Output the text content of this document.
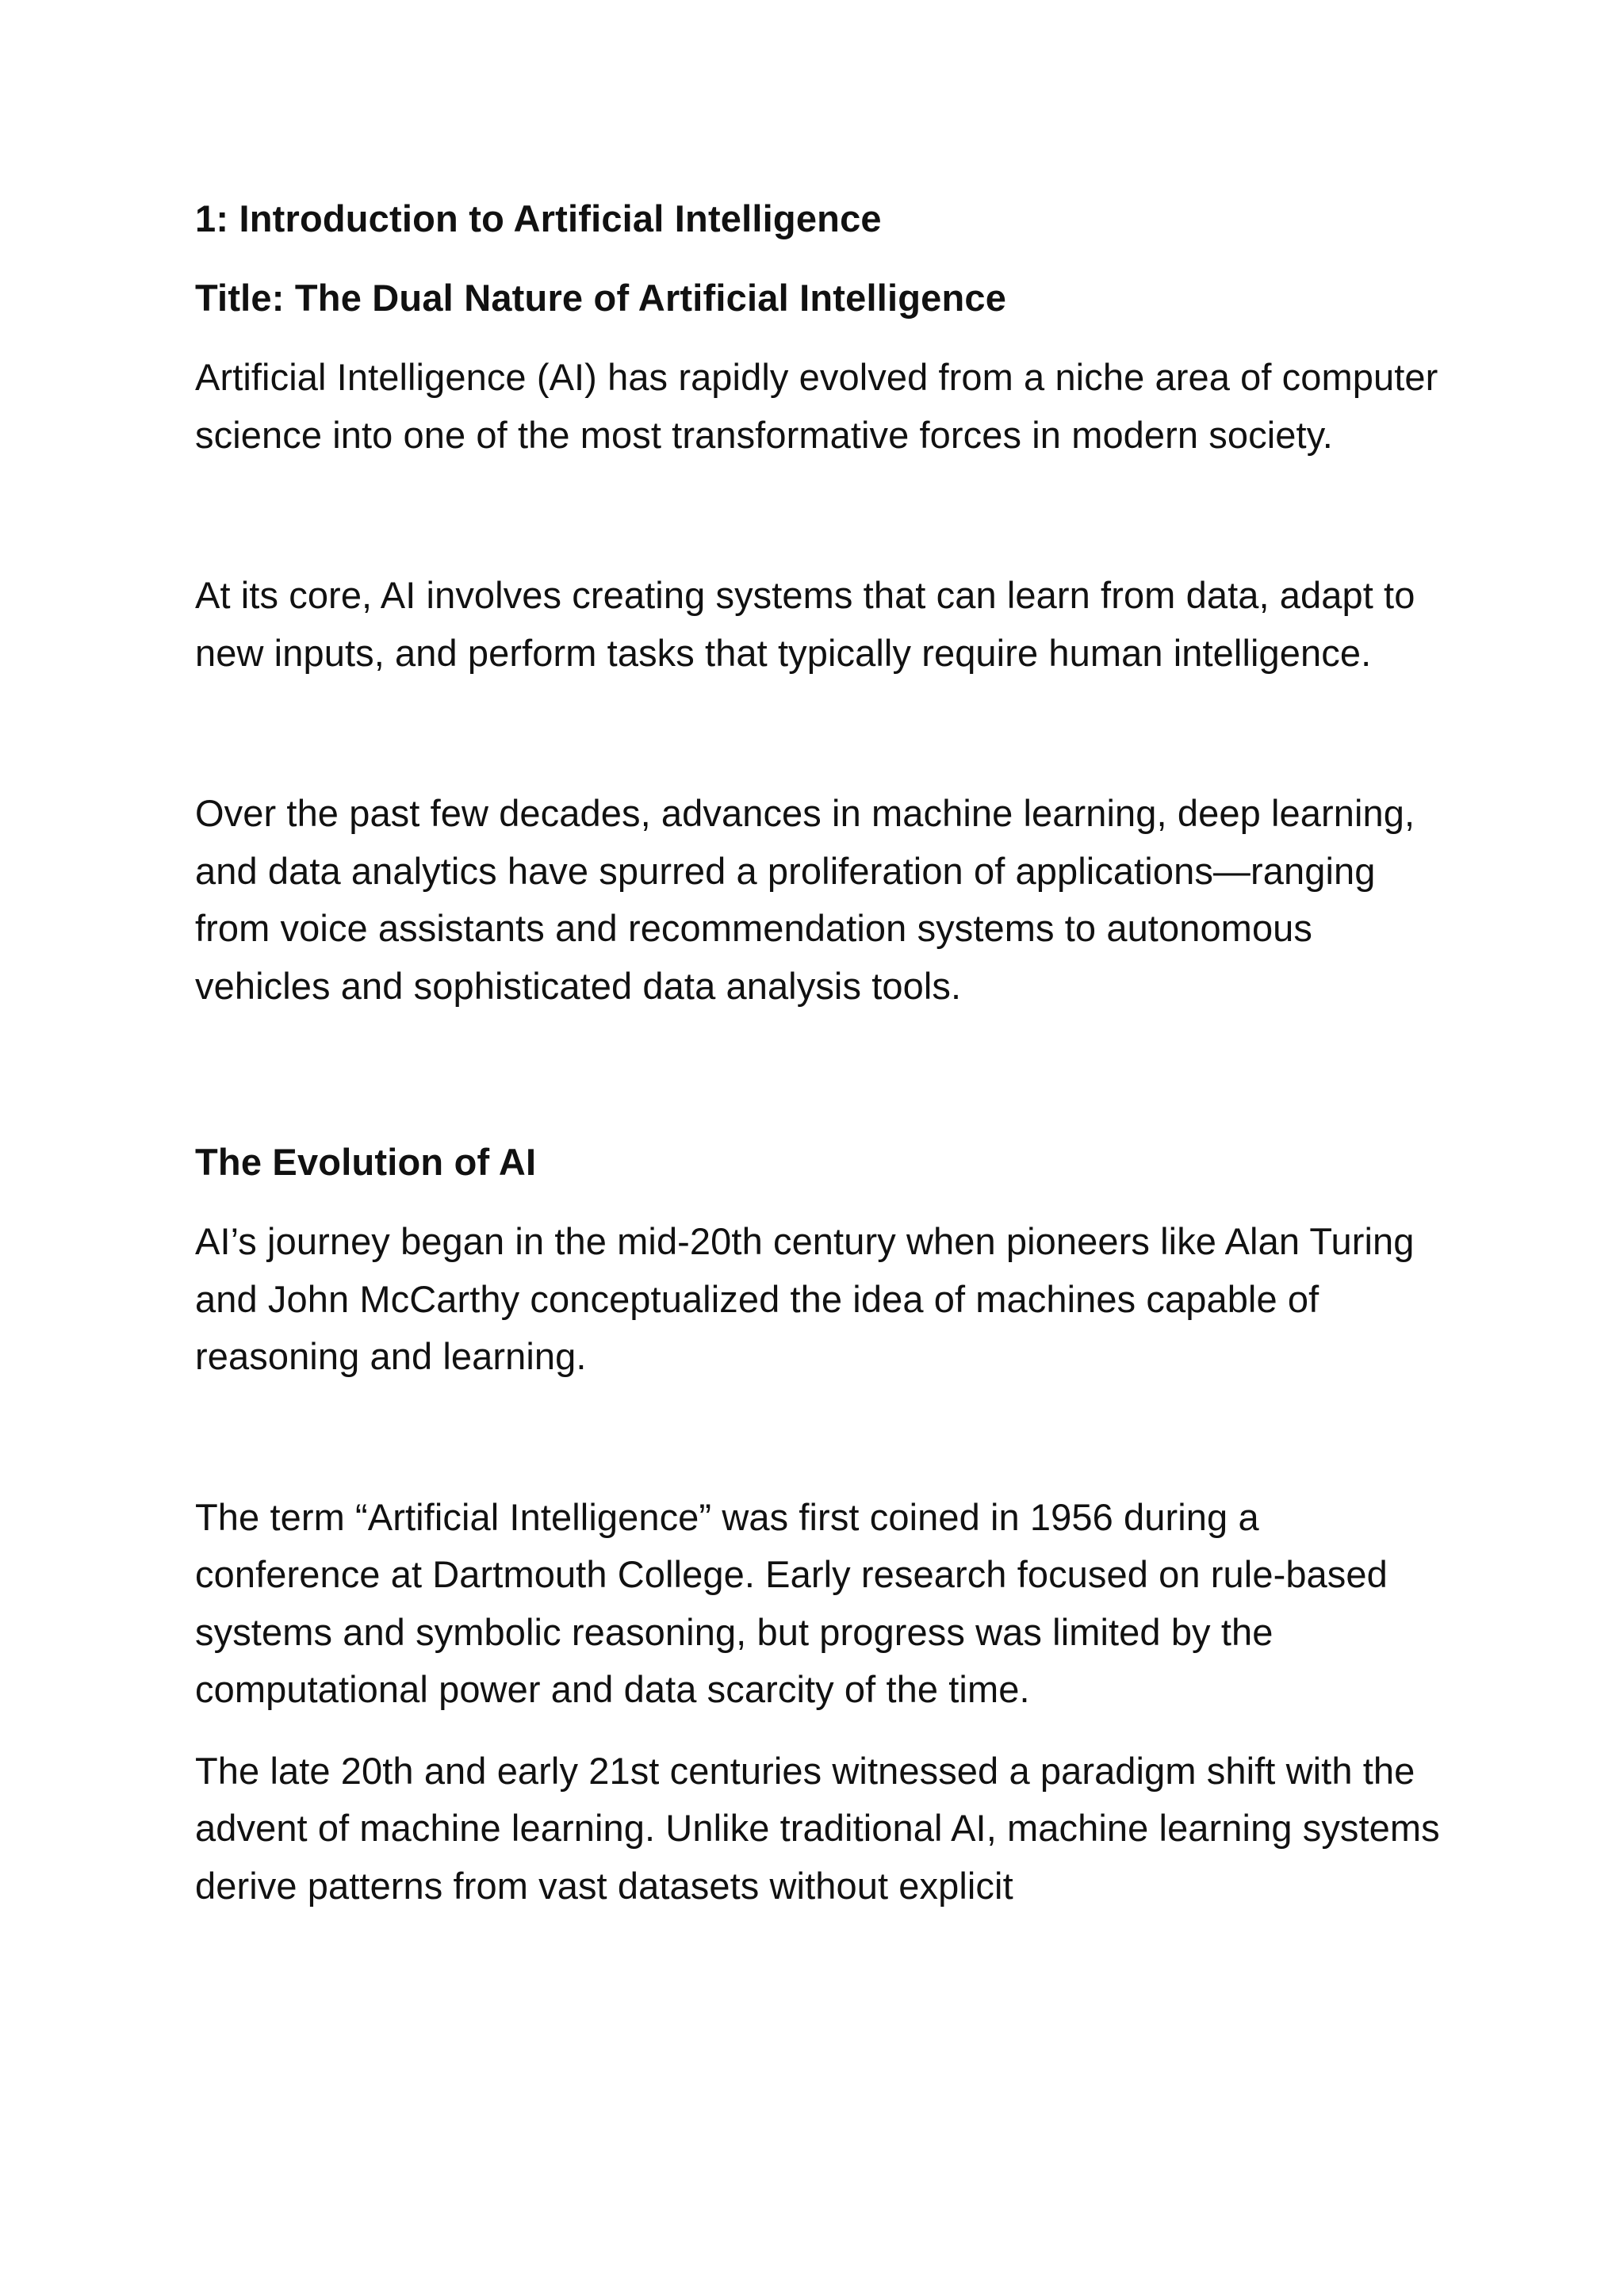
1: Introduction to Artificial Intelligence
Title: The Dual Nature of Artificial Intelligence

Artificial Intelligence (AI) has rapidly evolved from a niche area of computer science into one of the most transformative forces in modern society.

At its core, AI involves creating systems that can learn from data, adapt to new inputs, and perform tasks that typically require human intelligence.

Over the past few decades, advances in machine learning, deep learning, and data analytics have spurred a proliferation of applications—ranging from voice assistants and recommendation systems to autonomous vehicles and sophisticated data analysis tools.

The Evolution of AI

AI’s journey began in the mid-20th century when pioneers like Alan Turing and John McCarthy conceptualized the idea of machines capable of reasoning and learning.

The term “Artificial Intelligence” was first coined in 1956 during a conference at Dartmouth College. Early research focused on rule-based systems and symbolic reasoning, but progress was limited by the computational power and data scarcity of the time.

The late 20th and early 21st centuries witnessed a paradigm shift with the advent of machine learning. Unlike traditional AI, machine learning systems derive patterns from vast datasets without explicit
